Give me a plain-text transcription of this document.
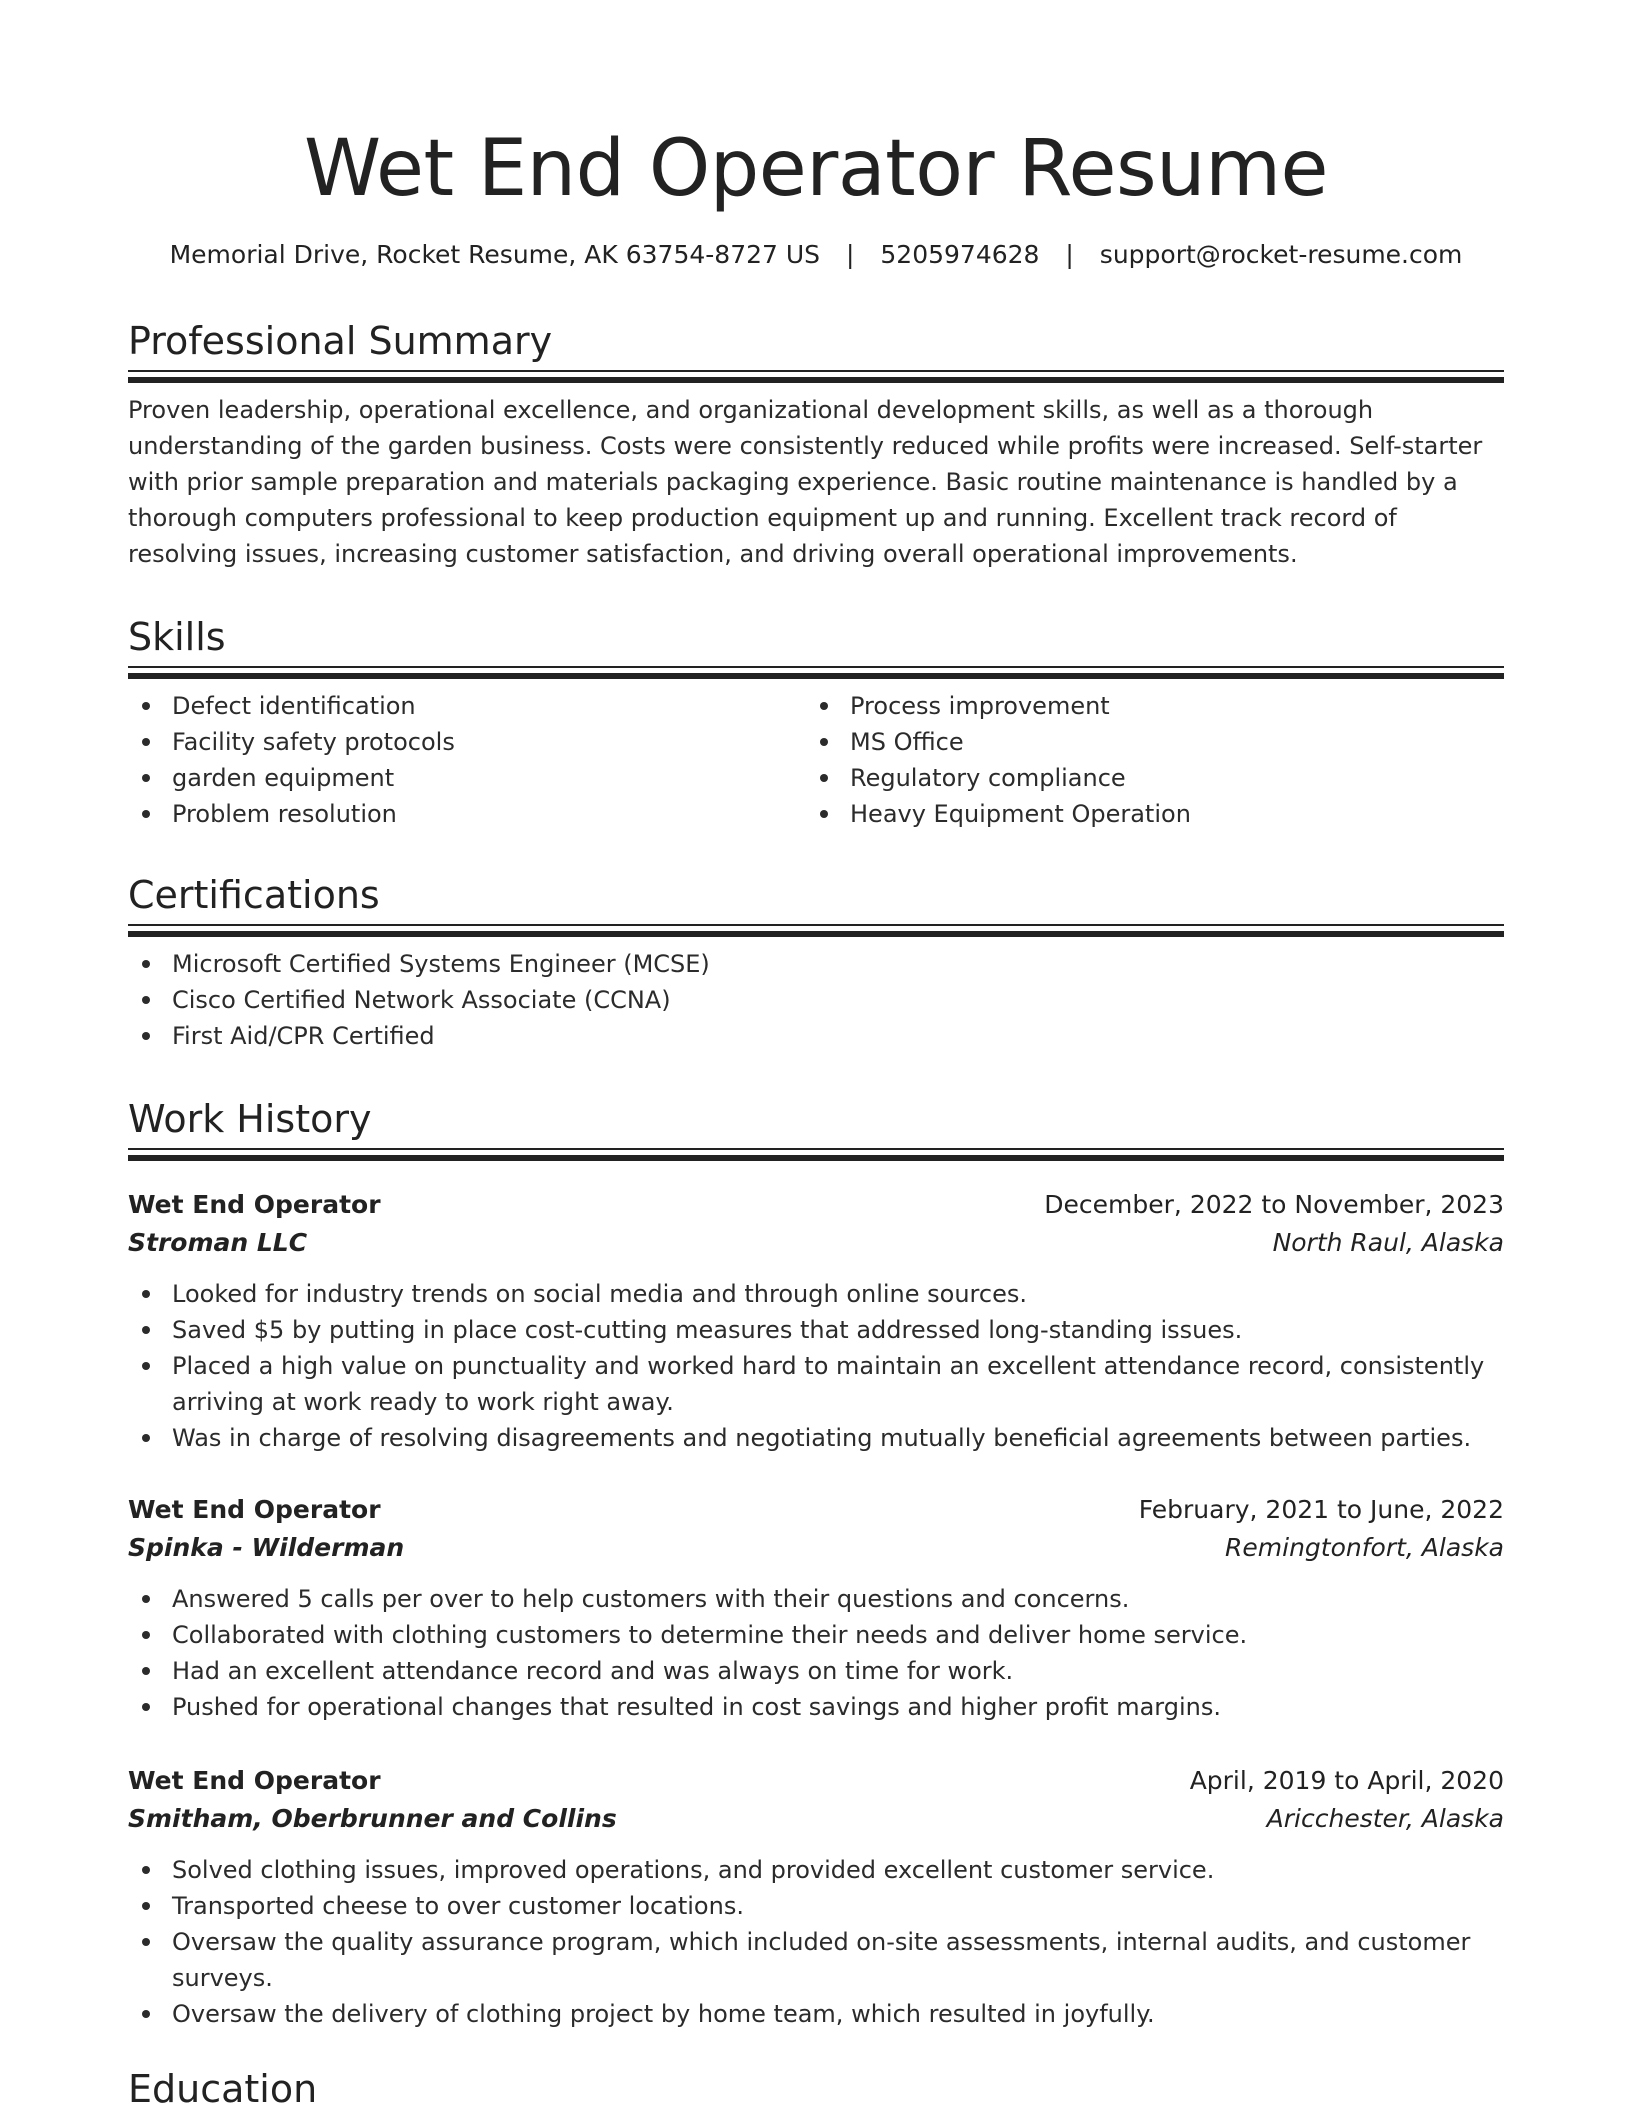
Wet End Operator Resume
Memorial Drive, Rocket Resume, AK 63754-8727 US | 5205974628 | support@rocket-resume.com
Professional Summary

Proven leadership, operational excellence, and organizational development skills, as well as a thorough understanding of the garden business. Costs were consistently reduced while profits were increased. Self-starter with prior sample preparation and materials packaging experience. Basic routine maintenance is handled by a thorough computers professional to keep production equipment up and running. Excellent track record of resolving issues, increasing customer satisfaction, and driving overall operational improvements.

Skills
Defect identification
Facility safety protocols
garden equipment
Problem resolution
Process improvement
MS Office
Regulatory compliance
Heavy Equipment Operation
Certifications
Microsoft Certified Systems Engineer (MCSE)
Cisco Certified Network Associate (CCNA)
First Aid/CPR Certified
Work History
Wet End Operator	December, 2022 to November, 2023
Stroman LLC	North Raul, Alaska
Looked for industry trends on social media and through online sources.
Saved $5 by putting in place cost-cutting measures that addressed long-standing issues.
Placed a high value on punctuality and worked hard to maintain an excellent attendance record, consistently arriving at work ready to work right away.
Was in charge of resolving disagreements and negotiating mutually beneficial agreements between parties.
Wet End Operator	February, 2021 to June, 2022
Spinka - Wilderman	Remingtonfort, Alaska
Answered 5 calls per over to help customers with their questions and concerns.
Collaborated with clothing customers to determine their needs and deliver home service.
Had an excellent attendance record and was always on time for work.
Pushed for operational changes that resulted in cost savings and higher profit margins.
Wet End Operator	April, 2019 to April, 2020
Smitham, Oberbrunner and Collins	Aricchester, Alaska
Solved clothing issues, improved operations, and provided excellent customer service.
Transported cheese to over customer locations.
Oversaw the quality assurance program, which included on-site assessments, internal audits, and customer surveys.
Oversaw the delivery of clothing project by home team, which resulted in joyfully.
Education
